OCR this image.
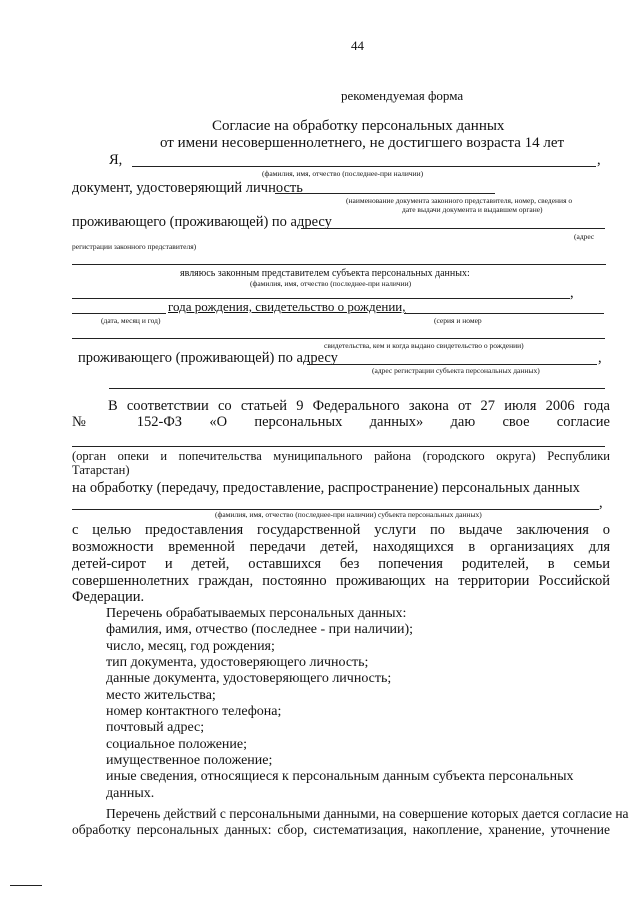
44
рекомендуемая форма
Согласие на обработку персональных данных
от имени несовершеннолетнего, не достигшего возраста 14 лет
Я,	,
(фамилия, имя, отчество (последнее-при наличии)
документ, удостоверяющий личность
(наименование документа законного представителя, номер, сведения о
дате выдачи документа и выдавшем органе)
проживающего (проживающей) по адресу
(адрес
регистрации законного представителя)
являюсь законным представителем субъекта персональных данных:
(фамилия, имя, отчество (последнее-при наличии)
,
года рождения, свидетельство о рождении,
(дата, месяц и год)	(серия и номер
свидетельства, кем и когда выдано свидетельство о рождении)
проживающего (проживающей) по адресу	,
(адрес регистрации субъекта персональных данных)
В соответствии со статьей 9 Федерального закона от 27 июля 2006 года
№ 152-ФЗ «О персональных данных» даю свое согласие
(орган опеки и попечительства муниципального района (городского округа) Республики
Татарстан)
на обработку (передачу, предоставление, распространение) персональных данных
,
(фамилия, имя, отчество (последнее-при наличии) субъекта персональных данных)
с целью предоставления государственной услуги по выдаче заключения о
возможности временной передачи детей, находящихся в организациях для
детей-сирот и детей, оставшихся без попечения родителей, в семьи
совершеннолетних граждан, постоянно проживающих на территории Российской
Федерации.
Перечень обрабатываемых персональных данных:
фамилия, имя, отчество (последнее - при наличии);
число, месяц, год рождения;
тип документа, удостоверяющего личность;
данные документа, удостоверяющего личность;
место жительства;
номер контактного телефона;
почтовый адрес;
социальное положение;
имущественное положение;
иные сведения, относящиеся к персональным данным субъекта персональных
данных.
Перечень действий с персональными данными, на совершение которых дается согласие на
обработку персональных данных: сбор, систематизация, накопление, хранение, уточнение
